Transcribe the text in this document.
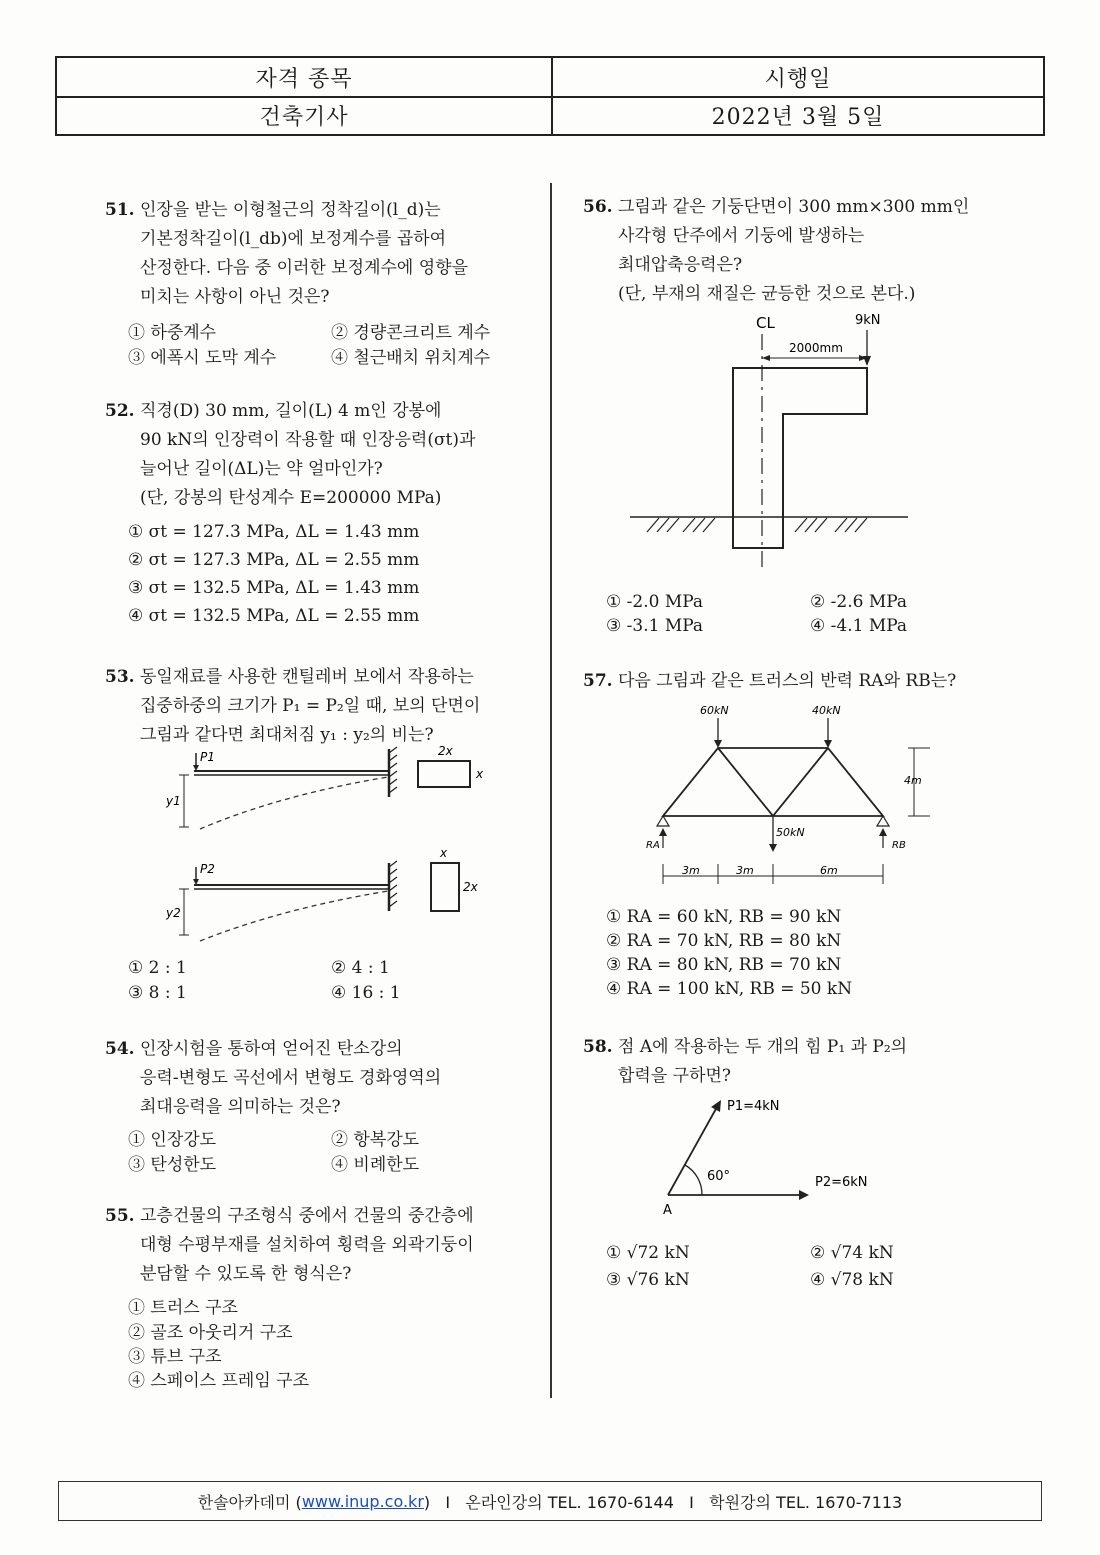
자격 종목	시행일
건축기사	2022년 3월 5일
51. 인장을 받는 이형철근의 정착길이(l_d)는
기본정착길이(l_db)에 보정계수를 곱하여
산정한다. 다음 중 이러한 보정계수에 영향을
미치는 사항이 아닌 것은?
① 하중계수	② 경량콘크리트 계수
③ 에폭시 도막 계수	④ 철근배치 위치계수
52. 직경(D) 30 mm, 길이(L) 4 m인 강봉에
90 kN의 인장력이 작용할 때 인장응력(σt)과
늘어난 길이(ΔL)는 약 얼마인가?
(단, 강봉의 탄성계수 E=200000 MPa)
① σt = 127.3 MPa, ΔL = 1.43 mm
② σt = 127.3 MPa, ΔL = 2.55 mm
③ σt = 132.5 MPa, ΔL = 1.43 mm
④ σt = 132.5 MPa, ΔL = 2.55 mm
53. 동일재료를 사용한 캔틸레버 보에서 작용하는
집중하중의 크기가 P₁ = P₂일 때, 보의 단면이
그림과 같다면 최대처짐 y₁ : y₂의 비는?
P1
y1
2x
x
P2
y2
x
2x
① 2 : 1	② 4 : 1
③ 8 : 1	④ 16 : 1
54. 인장시험을 통하여 얻어진 탄소강의
응력-변형도 곡선에서 변형도 경화영역의
최대응력을 의미하는 것은?
① 인장강도	② 항복강도
③ 탄성한도	④ 비례한도
55. 고층건물의 구조형식 중에서 건물의 중간층에
대형 수평부재를 설치하여 횡력을 외곽기둥이
분담할 수 있도록 한 형식은?
① 트러스 구조
② 골조 아웃리거 구조
③ 튜브 구조
④ 스페이스 프레임 구조
56. 그림과 같은 기둥단면이 300 mm×300 mm인
사각형 단주에서 기둥에 발생하는
최대압축응력은?
(단, 부재의 재질은 균등한 것으로 본다.)
CL	9kN
2000mm
① -2.0 MPa	② -2.6 MPa
③ -3.1 MPa	④ -4.1 MPa
57. 다음 그림과 같은 트러스의 반력 RA와 RB는?
60kN	40kN
50kN
RA	RB
4m
3m	3m	6m
① RA = 60 kN, RB = 90 kN
② RA = 70 kN, RB = 80 kN
③ RA = 80 kN, RB = 70 kN
④ RA = 100 kN, RB = 50 kN
58. 점 A에 작용하는 두 개의 힘 P₁ 과 P₂의
합력을 구하면?
P1=4kN
P2=6kN
60°
A
① √72 kN	② √74 kN
③ √76 kN	④ √78 kN
한솔아카데미 ( www.inup.co.kr )   I   온라인강의 TEL. 1670-6144   I   학원강의 TEL. 1670-7113
